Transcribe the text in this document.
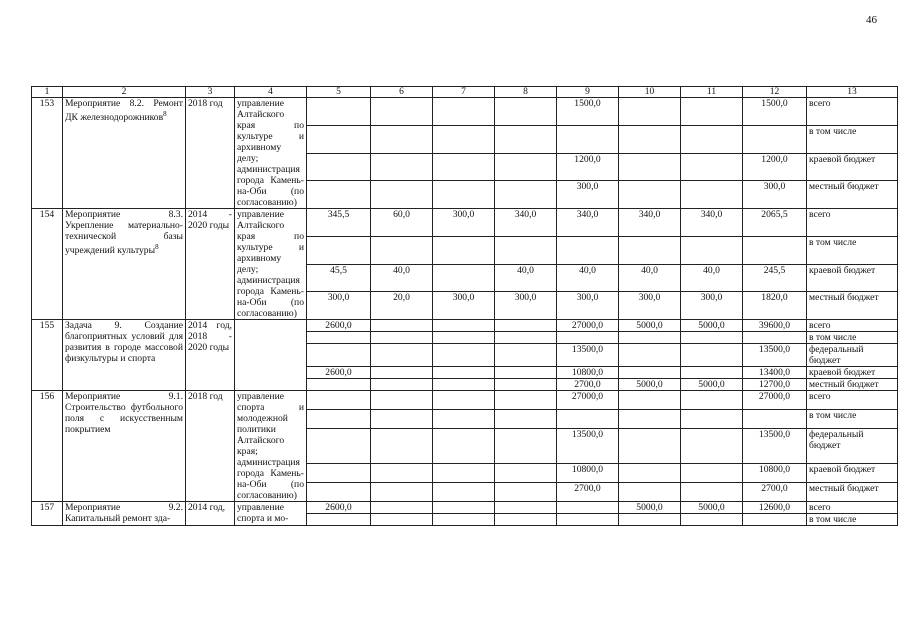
46
1	2	3	4	5	6	7	8	9	10	11	12	13
153	Мероприятие 8.2. Ремонт ДК железнодорожников$^8$	2018 год	управление Алтайского края по культуре и архивному делу; администрация города Камень-на-Оби (по согласованию)					1500,0			1500,0	всего
												в том числе
								1200,0			1200,0	краевой бюджет
								300,0			300,0	местный бюджет
154	Мероприятие 8.3. Укрепление материально-технической базы учреждений культуры$^8$	2014 - 2020 годы	управление Алтайского края по культуре и архивному делу; администрация города Камень-на-Оби (по согласованию)	345,5	60,0	300,0	340,0	340,0	340,0	340,0	2065,5	всего
												в том числе
				45,5	40,0		40,0	40,0	40,0	40,0	245,5	краевой бюджет
				300,0	20,0	300,0	300,0	300,0	300,0	300,0	1820,0	местный бюджет
155	Задача 9. Создание благоприятных условий для развития в городе массовой физкультуры и спорта	2014 год, 2018 - 2020 годы		2600,0				27000,0	5000,0	5000,0	39600,0	всего
												в том числе
								13500,0			13500,0	федеральный бюджет
				2600,0				10800,0			13400,0	краевой бюджет
								2700,0	5000,0	5000,0	12700,0	местный бюджет
156	Мероприятие 9.1. Строительство футбольного поля с искусственным покрытием	2018 год	управление спорта и молодежной политики Алтайского края; администрация города Камень-на-Оби (по согласованию)					27000,0			27000,0	всего
												в том числе
								13500,0			13500,0	федеральный бюджет
								10800,0			10800,0	краевой бюджет
								2700,0			2700,0	местный бюджет
157	Мероприятие 9.2. Капитальный ремонт зда-	2014 год,	управление спорта и мо-	2600,0					5000,0	5000,0	12600,0	всего
												в том числе
